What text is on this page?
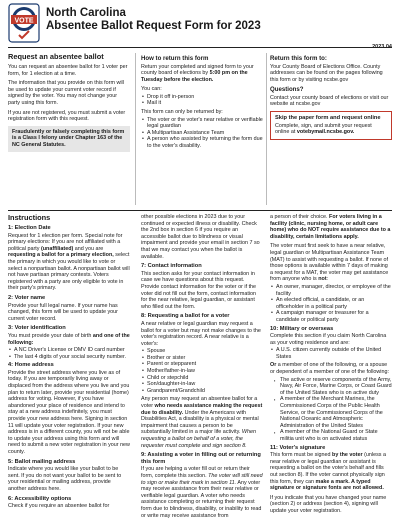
VOTE
North Carolina
Absentee Ballot Request Form for 2023
Request an absentee ballot

You can request an absentee ballot for 1 voter per form, for 1 election at a time.

The information that you provide on this form will be used to update your current voter record if signed by the voter. You may not change your party using this form.

If you are not registered, you must submit a voter registration form with this request.

Fraudulently or falsely completing this form is a Class I felony under Chapter 163 of the NC General Statutes.
How to return this form

Return your completed and signed form to your county board of elections by 5:00 pm on the Tuesday before the election.

You can:

• Drop it off in-person
• Mail it

This form can only be returned by:

• The voter or the voter's near relative or verifiable legal guardian
• A Multipartisan Assistance Team
• A person who assisted by returning the form due to the voter's disability.
Return this form to:

Your County Board of Elections Office. County addresses can be found on the pages following this form or by visiting ncsbe.gov

Questions?

Contact your county board of elections or visit our website at ncsbe.gov

Skip the paper form and request online
Complete, sign, and submit your request online at votebymail.ncsbe.gov.
Instructions
1: Election Date

Request for 1 election per form. Special note for primary elections: If you are not affiliated with a political party (unaffiliated) and you are requesting a ballot for a primary election, select the primary in which you would like to vote or select a nonpartisan ballot. A nonpartisan ballot will not have partisan primary contests. Voters registered with a party are only eligible to vote in their party's primary.

2: Voter name

Provide your full legal name. If your name has changed, this form will be used to update your current voter record.

3: Voter identification

You must provide your date of birth and one of the following:

• A NC Driver's License or DMV ID card number
• The last 4 digits of your social security number.
4: Home address

Provide the street address where you live as of today. If you are temporarily living away or displaced from the address where you live and you plan to return later, provide your residential (home) address for voting. However, if you have abandoned your place of residence and intend to stay at a new address indefinitely, you must provide your new address here. Signing in section 11 will update your voter registration. If your new address is in a different county, you will not be able to update your address using this form and will need to submit a new voter registration in your new county.

5: Ballot mailing address

Indicate where you would like your ballot to be sent. If you do not want your ballot to be sent to your residential or mailing address, provide another address here.

6: Accessibility options

Check if you require an absentee ballot for

other possible elections in 2023 due to your continued or expected illness or disability. Check the 2nd box in section 6 if you require an accessible ballot due to blindness or visual impairment and provide your email in section 7 so that we may contact you when the ballot is available.

7: Contact information

This section asks for your contact information in case we have questions about this request. Provide contact information for the voter or if the voter did not fill out the form, contact information for the near relative, legal guardian, or assistant who filled out the form.

8: Requesting a ballot for a voter

A near relative or legal guardian may request a ballot for a voter but may not make changes to the voter's registration record. A near relative is a voter's:

• Spouse
• Brother or sister
• Parent or stepparent
• Mother/father-in-law
• Child or stepchild
• Son/daughter-in-law
• Grandparent/Grandchild

Any person may request an absentee ballot for a voter who needs assistance making the request due to disability. Under the Americans with Disabilities Act, a disability is a physical or mental impairment that causes a person to be substantially limited in a major life activity. When requesting a ballot on behalf of a voter, the requester must complete and sign section 8.

9: Assisting a voter in filling out or returning this form

If you are helping a voter fill out or return their form, complete this section. The voter will still need to sign or make their mark in section 11. Any voter may receive assistance from their near relative or verifiable legal guardian. A voter who needs assistance completing or returning their request form due to blindness, disability, or inability to read or write may receive assistance from

a person of their choice. For voters living in a facility (clinic, nursing home, or adult care home) who do NOT require assistance due to a disability, certain limitations apply.

The voter must first seek to have a near relative, legal guardian or Multipartisan Assistance Team (MAT) to assist with requesting a ballot. If none of those options is available within 7 days of making a request for a MAT, the voter may get assistance from anyone who is not:

• An owner, manager, director, or employee of the facility
• An elected official, a candidate, or an officeholder in a political party
• A campaign manager or treasurer for a candidate or political party
10: Military or overseas

Complete this section if you claim North Carolina as your voting residence and are:

• A U.S. citizen currently outside of the United States

Or a member of one of the following, or a spouse or dependent of a member of one of the following:

▪ The active or reserve components of the Army, Navy, Air Force, Marine Corps, or Coast Guard of the United States who is on active duty
▪ A member of the Merchant Marines, the Commissioned Corps of the Public Health Service, or the Commissioned Corps of the National Oceanic and Atmospheric Administration of the United States
▪ A member of the National Guard or State militia unit who is on activated status
11: Voter's signature

This form must be signed by the voter (unless a near relative or legal guardian or assistant is requesting a ballot on the voter's behalf and fills out section 8). If the voter cannot physically sign this form, they can make a mark. A typed signature or signature fonts are not allowed.

If you indicate that you have changed your name (section 2) or address (section 4), signing will update your voter registration.
